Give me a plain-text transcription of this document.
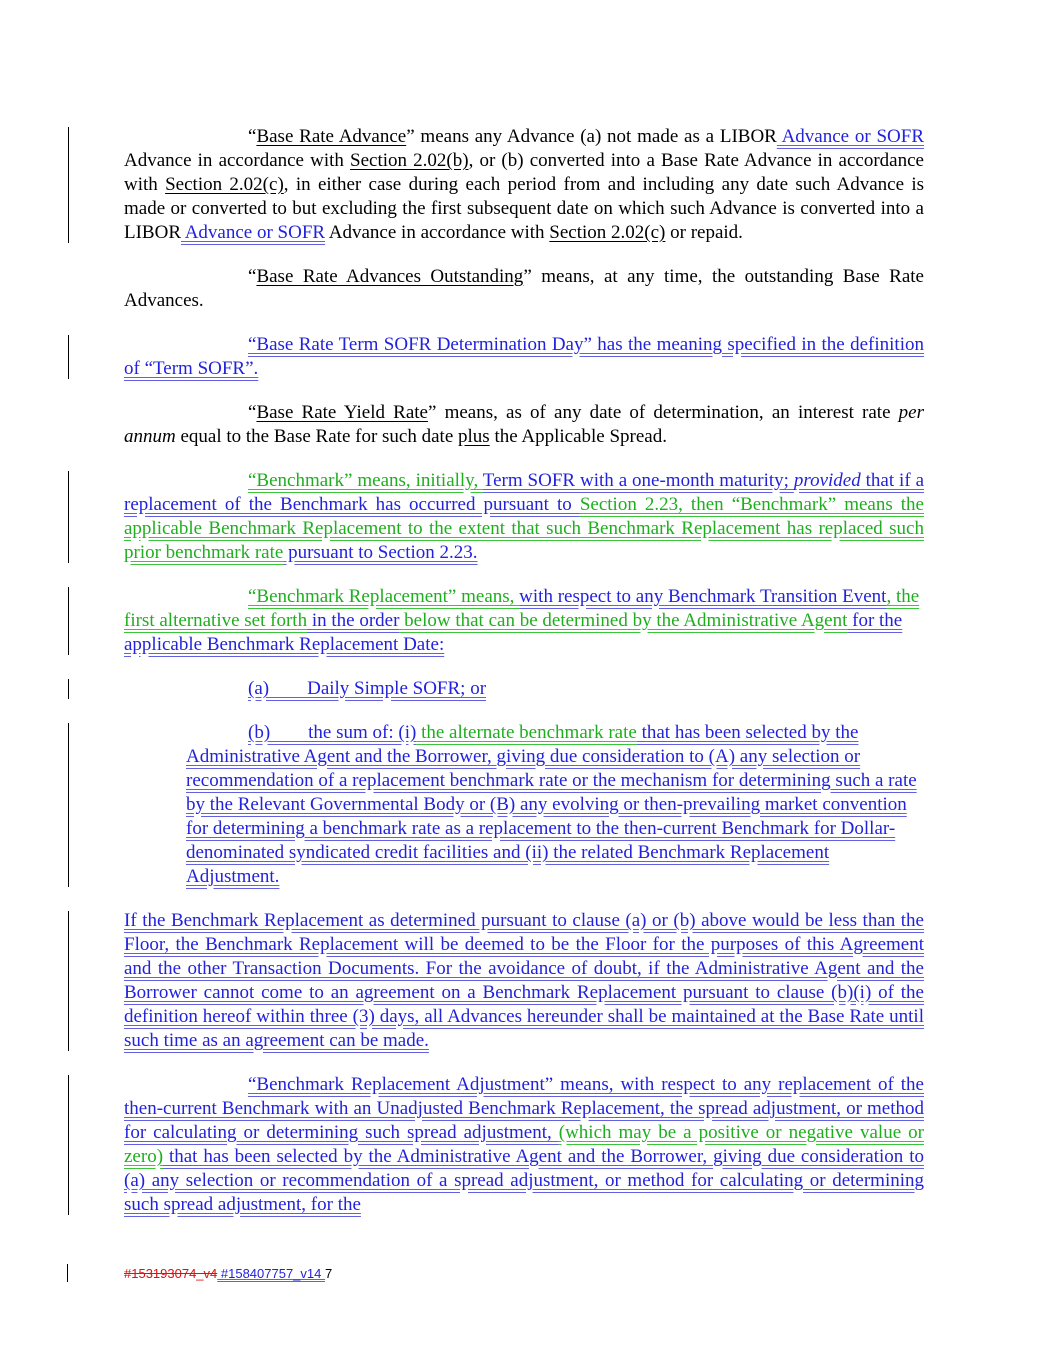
“Base Rate Advance” means any Advance (a) not made as a LIBOR Advance or SOFR Advance in accordance with Section 2.02(b), or (b) converted into a Base Rate Advance in accordance with Section 2.02(c), in either case during each period from and including any date such Advance is made or converted to but excluding the first subsequent date on which such Advance is converted into a LIBOR Advance or SOFR Advance in accordance with Section 2.02(c) or repaid.

“Base Rate Advances Outstanding” means, at any time, the outstanding Base Rate Advances.

“Base Rate Term SOFR Determination Day” has the meaning specified in the definition of “Term SOFR”.

“Base Rate Yield Rate” means, as of any date of determination, an interest rate per annum equal to the Base Rate for such date plus the Applicable Spread.

“Benchmark” means, initially, Term SOFR with a one-month maturity; provided that if a replacement of the Benchmark has occurred pursuant to Section 2.23, then “Benchmark” means the applicable Benchmark Replacement to the extent that such Benchmark Replacement has replaced such prior benchmark rate pursuant to Section 2.23.

“Benchmark Replacement” means, with respect to any Benchmark Transition Event, the first alternative set forth in the order below that can be determined by the Administrative Agent for the applicable Benchmark Replacement Date:

(a)        Daily Simple SOFR; or

(b)        the sum of: (i) the alternate benchmark rate that has been selected by the Administrative Agent and the Borrower, giving due consideration to (A) any selection or recommendation of a replacement benchmark rate or the mechanism for determining such a rate by the Relevant Governmental Body or (B) any evolving or then-prevailing market convention for determining a benchmark rate as a replacement to the then-current Benchmark for Dollar-denominated syndicated credit facilities and (ii) the related Benchmark Replacement Adjustment.

If the Benchmark Replacement as determined pursuant to clause (a) or (b) above would be less than the Floor, the Benchmark Replacement will be deemed to be the Floor for the purposes of this Agreement and the other Transaction Documents. For the avoidance of doubt, if the Administrative Agent and the Borrower cannot come to an agreement on a Benchmark Replacement pursuant to clause (b)(i) of the definition hereof within three (3) days, all Advances hereunder shall be maintained at the Base Rate until such time as an agreement can be made.

“Benchmark Replacement Adjustment” means, with respect to any replacement of the then-current Benchmark with an Unadjusted Benchmark Replacement, the spread adjustment, or method for calculating or determining such spread adjustment, (which may be a positive or negative value or zero) that has been selected by the Administrative Agent and the Borrower, giving due consideration to (a) any selection or recommendation of a spread adjustment, or method for calculating or determining such spread adjustment, for the

#153193074_v4 #158407757_v14 7
